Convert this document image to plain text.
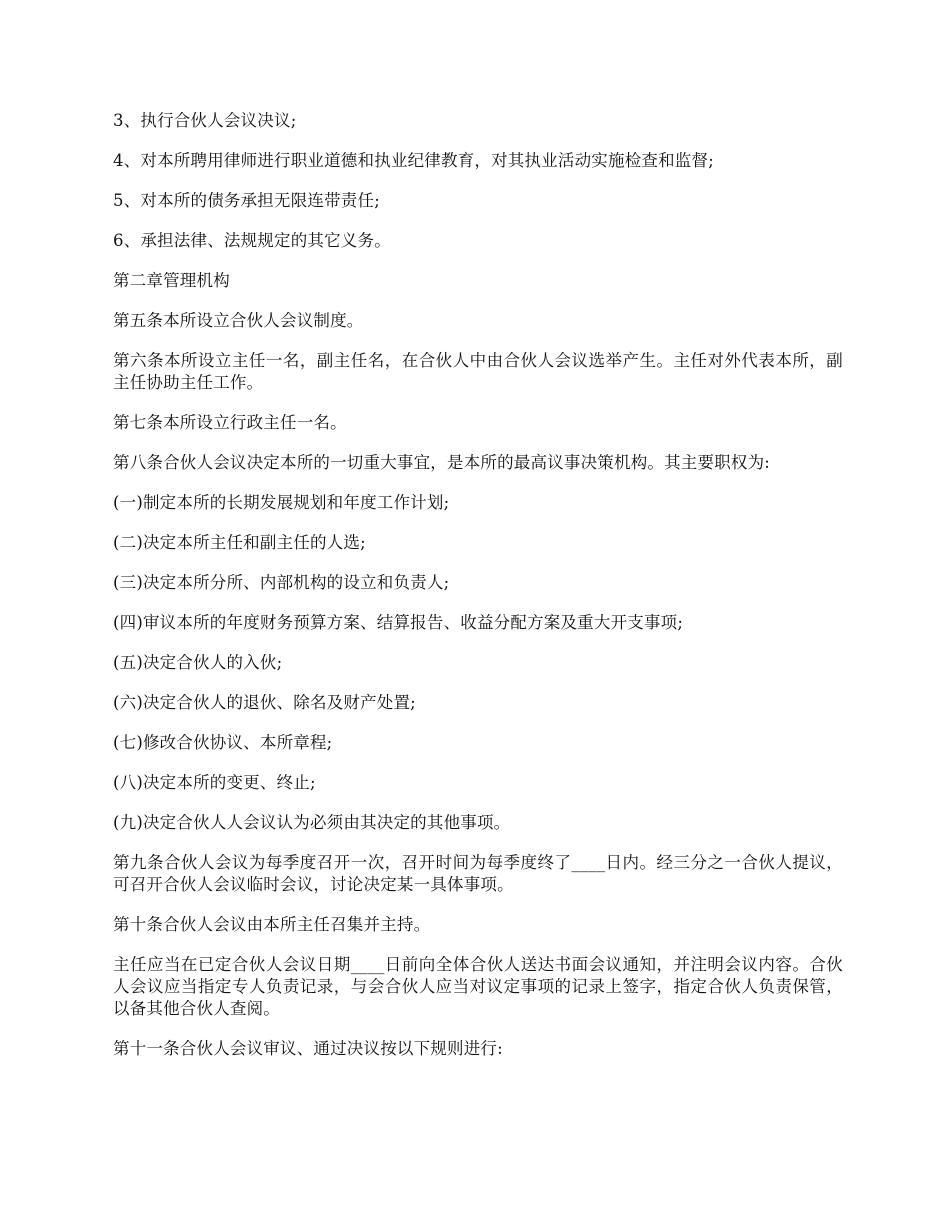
3、执行合伙人会议决议;

4、对本所聘用律师进行职业道德和执业纪律教育，对其执业活动实施检查和监督;

5、对本所的债务承担无限连带责任;

6、承担法律、法规规定的其它义务。

第二章管理机构

第五条本所设立合伙人会议制度。

第六条本所设立主任一名，副主任名，在合伙人中由合伙人会议选举产生。主任对外代表本所，副主任协助主任工作。

第七条本所设立行政主任一名。

第八条合伙人会议决定本所的一切重大事宜，是本所的最高议事决策机构。其主要职权为:

(一)制定本所的长期发展规划和年度工作计划;

(二)决定本所主任和副主任的人选;

(三)决定本所分所、内部机构的设立和负责人;

(四)审议本所的年度财务预算方案、结算报告、收益分配方案及重大开支事项;

(五)决定合伙人的入伙;

(六)决定合伙人的退伙、除名及财产处置;

(七)修改合伙协议、本所章程;

(八)决定本所的变更、终止;

(九)决定合伙人人会议认为必须由其决定的其他事项。

第九条合伙人会议为每季度召开一次，召开时间为每季度终了____日内。经三分之一合伙人提议，可召开合伙人会议临时会议，讨论决定某一具体事项。

第十条合伙人会议由本所主任召集并主持。

主任应当在已定合伙人会议日期____日前向全体合伙人送达书面会议通知，并注明会议内容。合伙人会议应当指定专人负责记录，与会合伙人应当对议定事项的记录上签字，指定合伙人负责保管，以备其他合伙人查阅。

第十一条合伙人会议审议、通过决议按以下规则进行:
